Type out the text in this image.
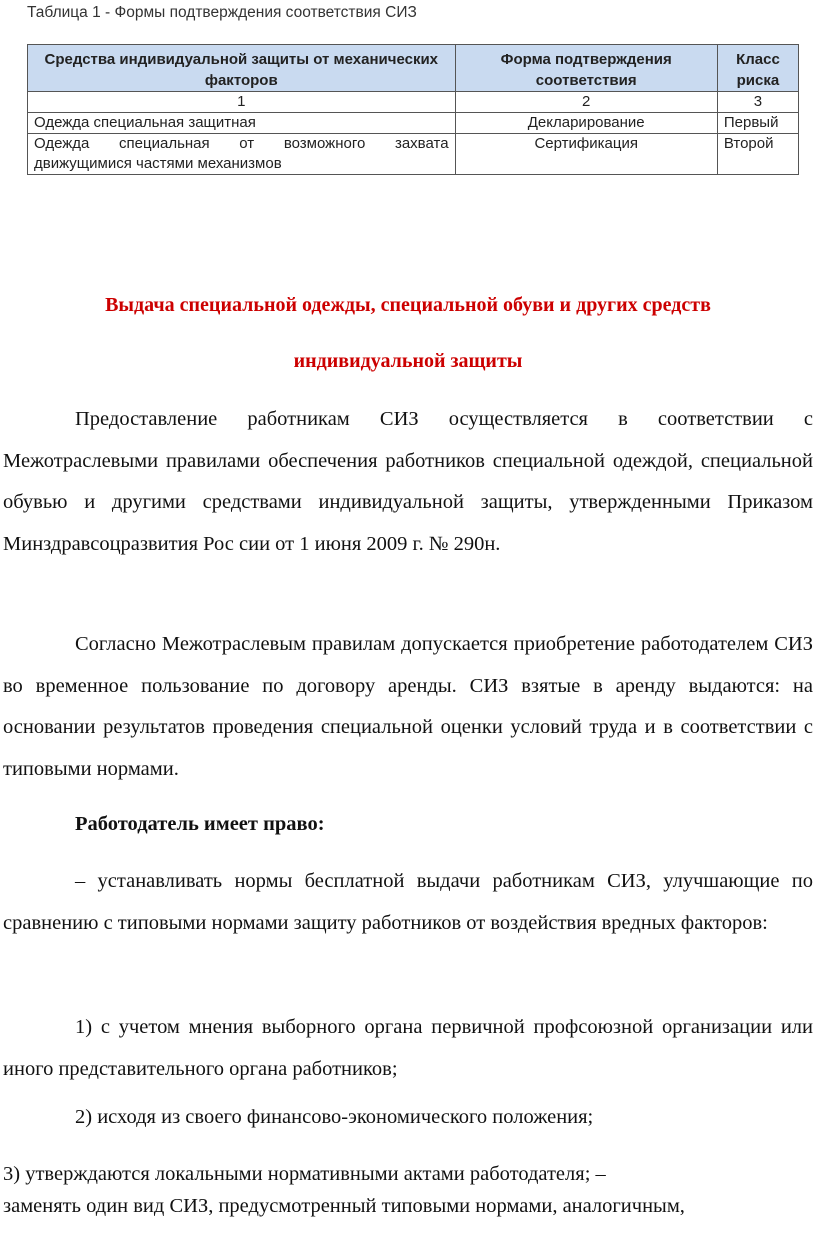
Таблица 1 - Формы подтверждения соответствия СИЗ
Средства индивидуальной защиты от механических факторов	Форма подтверждения соответствия	Класс риска
1	2	3
Одежда специальная защитная	Декларирование	Первый
Одежда специальная от возможного захвата движущимися частями механизмов	Сертификация	Второй
Выдача специальной одежды, специальной обуви и других средств
индивидуальной защиты
Предоставление работникам СИЗ осуществляется в соответствии с Межотраслевыми правилами обеспечения работников специальной одеждой, специальной обувью и другими средствами индивидуальной защиты, утвержденными Приказом Минздравсоцразвития Рос сии от 1 июня 2009 г. № 290н.
Согласно Межотраслевым правилам допускается приобретение работодателем СИЗ во временное пользование по договору аренды. СИЗ взятые в аренду выдаются: на основании результатов проведения специальной оценки условий труда и в соответствии с типовыми нормами.
Работодатель имеет право:
– устанавливать нормы бесплатной выдачи работникам СИЗ, улучшающие по сравнению с типовыми нормами защиту работников от воздействия вредных факторов:
1) с учетом мнения выборного органа первичной профсоюзной организации или иного представительного органа работников;
2) исходя из своего финансово-экономического положения;
3) утверждаются локальными нормативными актами работодателя; –
заменять один вид СИЗ, предусмотренный типовыми нормами, аналогичным,
